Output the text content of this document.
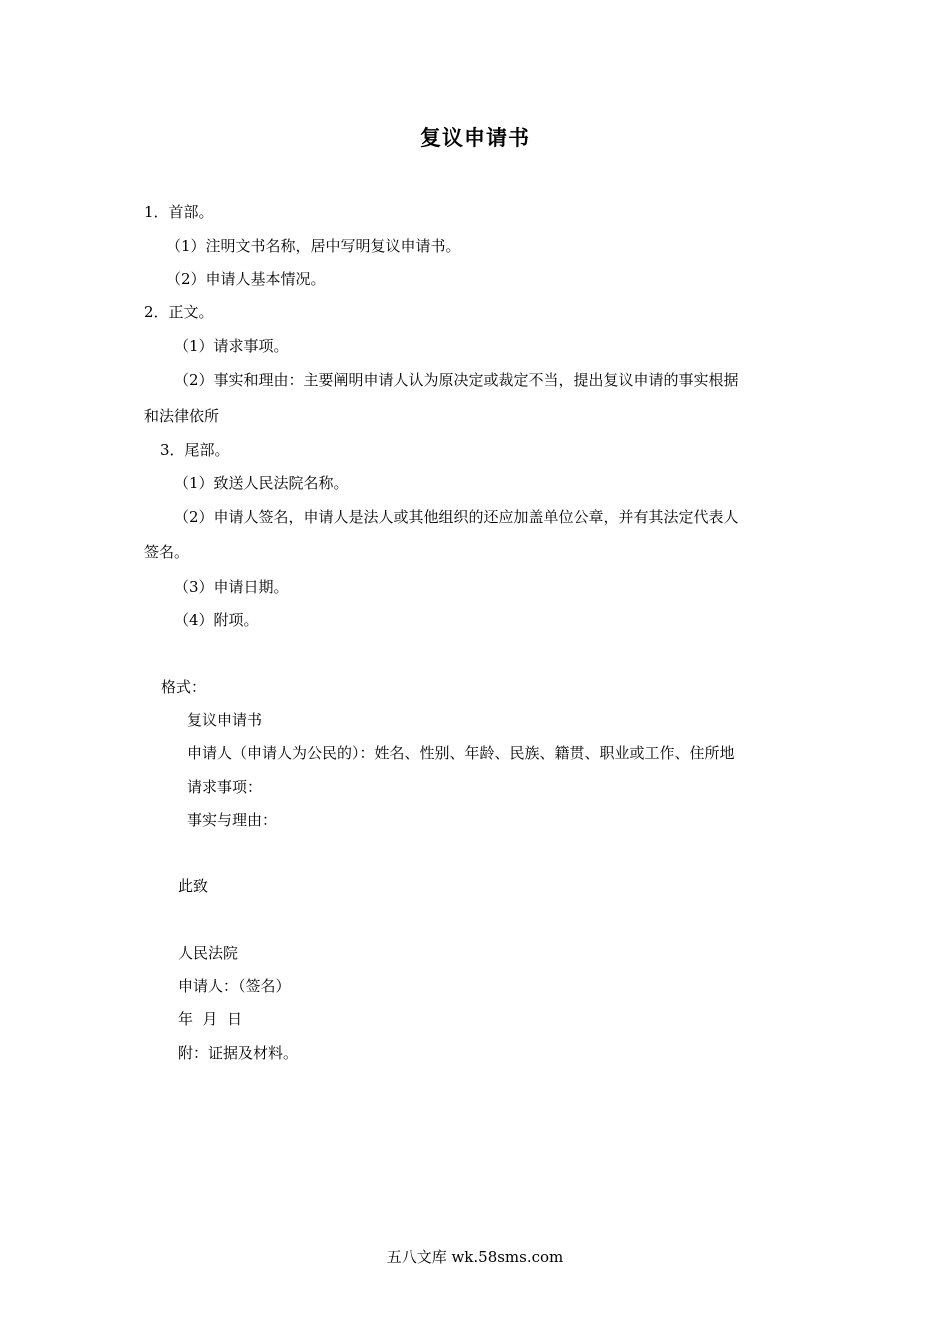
复议申请书
1．首部。
（1）注明文书名称，居中写明复议申请书。
（2）申请人基本情况。
2．正文。
（1）请求事项。
（2）事实和理由：主要阐明申请人认为原决定或裁定不当，提出复议申请的事实根据
和法律依所
3．尾部。
（1）致送人民法院名称。
（2）申请人签名，申请人是法人或其他组织的还应加盖单位公章，并有其法定代表人
签名。
（3）申请日期。
（4）附项。
格式：
复议申请书
申请人（申请人为公民的）：姓名、性别、年龄、民族、籍贯、职业或工作、住所地
请求事项：
事实与理由：
此致
人民法院
申请人：（签名）
年  月  日
附：证据及材料。
五八文库 wk.58sms.com
